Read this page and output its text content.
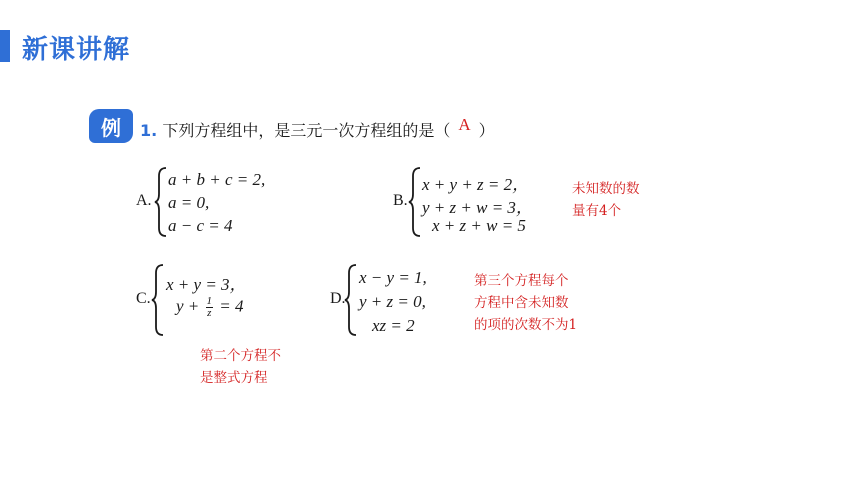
新课讲解
例	1. 下列方程组中，是三元一次方程组的是（ A ）
A.
a + b + c = 2,
a = 0,
a − c = 4
B.
x + y + z = 2，
y + z + w = 3，
x + z + w = 5
未知数的数
量有4个
C.
x + y = 3，
$y + \frac{1}{z} = 4$
第二个方程不
是整式方程
D.
x − y = 1,
y + z = 0,
xz = 2
第三个方程每个
方程中含未知数
的项的次数不为1
